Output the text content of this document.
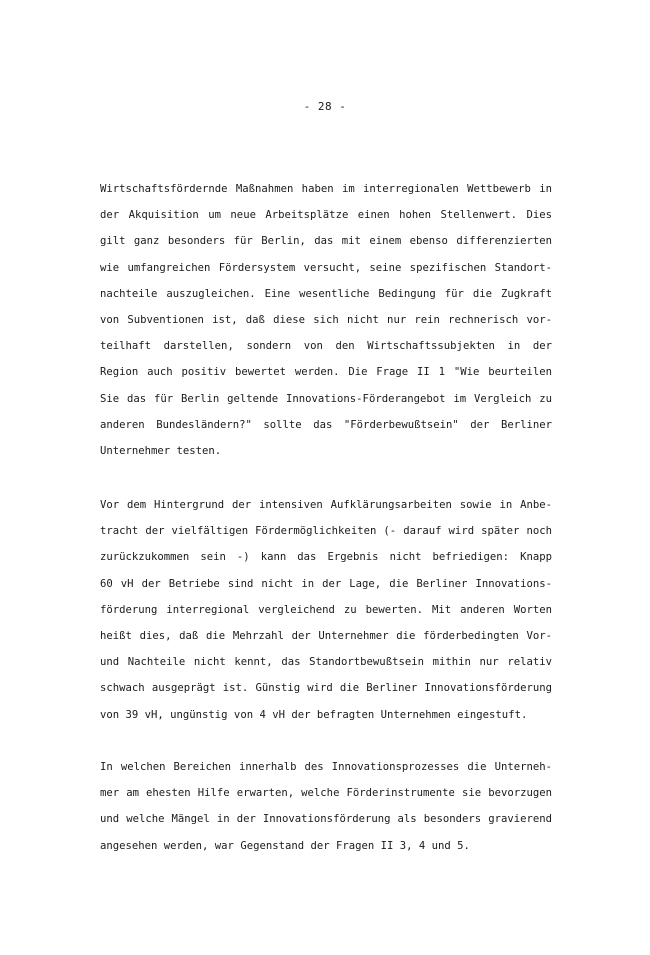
- 28 -
Wirtschaftsfördernde Maßnahmen haben im interregionalen Wettbewerb in
der Akquisition um neue Arbeitsplätze einen hohen Stellenwert. Dies
gilt ganz besonders für Berlin, das mit einem ebenso differenzierten
wie umfangreichen Fördersystem versucht, seine spezifischen Standort-
nachteile auszugleichen. Eine wesentliche Bedingung für die Zugkraft
von Subventionen ist, daß diese sich nicht nur rein rechnerisch vor-
teilhaft darstellen, sondern von den Wirtschaftssubjekten in der
Region auch positiv bewertet werden. Die Frage II 1 "Wie beurteilen
Sie das für Berlin geltende Innovations-Förderangebot im Vergleich zu
anderen Bundesländern?" sollte das "Förderbewußtsein" der Berliner
Unternehmer testen.
Vor dem Hintergrund der intensiven Aufklärungsarbeiten sowie in Anbe-
tracht der vielfältigen Fördermöglichkeiten (- darauf wird später noch
zurückzukommen sein -) kann das Ergebnis nicht befriedigen: Knapp
60 vH der Betriebe sind nicht in der Lage, die Berliner Innovations-
förderung interregional vergleichend zu bewerten. Mit anderen Worten
heißt dies, daß die Mehrzahl der Unternehmer die förderbedingten Vor-
und Nachteile nicht kennt, das Standortbewußtsein mithin nur relativ
schwach ausgeprägt ist. Günstig wird die Berliner Innovationsförderung
von 39 vH, ungünstig von 4 vH der befragten Unternehmen eingestuft.
In welchen Bereichen innerhalb des Innovationsprozesses die Unterneh-
mer am ehesten Hilfe erwarten, welche Förderinstrumente sie bevorzugen
und welche Mängel in der Innovationsförderung als besonders gravierend
angesehen werden, war Gegenstand der Fragen II 3, 4 und 5.
